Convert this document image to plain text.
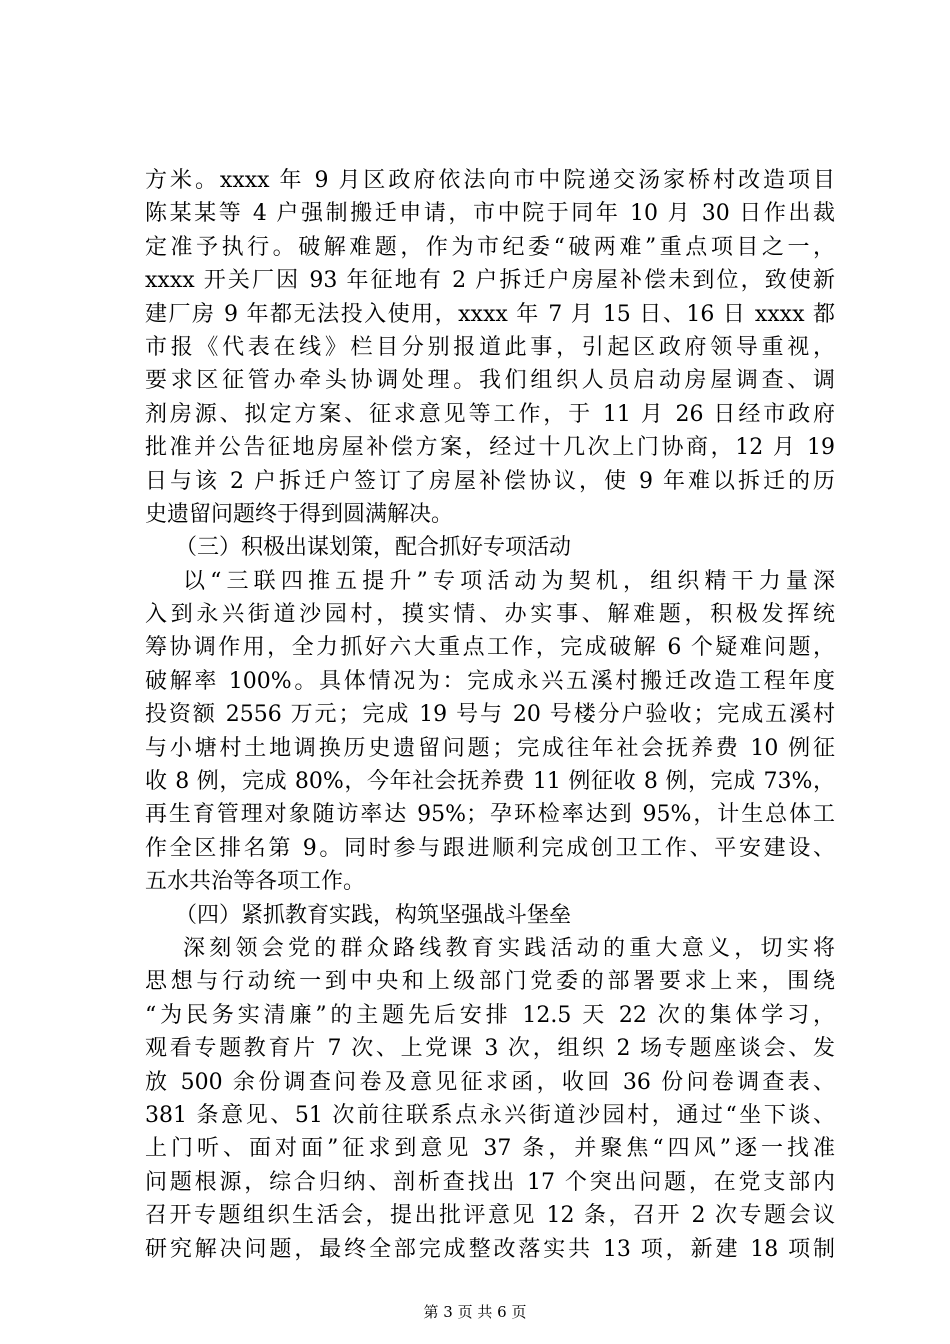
方米。xxxx 年 9 月区政府依法向市中院递交汤家桥村改造项目
陈某某等 4 户强制搬迁申请，市中院于同年 10 月 30 日作出裁
定准予执行。破解难题，作为市纪委“破两难”重点项目之一，
xxxx 开关厂因 93 年征地有 2 户拆迁户房屋补偿未到位，致使新
建厂房 9 年都无法投入使用，xxxx 年 7 月 15 日、16 日 xxxx 都
市报《代表在线》栏目分别报道此事，引起区政府领导重视，
要求区征管办牵头协调处理。我们组织人员启动房屋调查、调
剂房源、拟定方案、征求意见等工作，于 11 月 26 日经市政府
批准并公告征地房屋补偿方案，经过十几次上门协商，12 月 19
日与该 2 户拆迁户签订了房屋补偿协议，使 9 年难以拆迁的历
史遗留问题终于得到圆满解决。
（三）积极出谋划策，配合抓好专项活动
以“三联四推五提升”专项活动为契机，组织精干力量深
入到永兴街道沙园村，摸实情、办实事、解难题，积极发挥统
筹协调作用，全力抓好六大重点工作，完成破解 6 个疑难问题，
破解率 100%。具体情况为：完成永兴五溪村搬迁改造工程年度
投资额 2556 万元；完成 19 号与 20 号楼分户验收；完成五溪村
与小塘村土地调换历史遗留问题；完成往年社会抚养费 10 例征
收 8 例，完成 80%，今年社会抚养费 11 例征收 8 例，完成 73%，
再生育管理对象随访率达 95%；孕环检率达到 95%，计生总体工
作全区排名第 9。同时参与跟进顺利完成创卫工作、平安建设、
五水共治等各项工作。
（四）紧抓教育实践，构筑坚强战斗堡垒
深刻领会党的群众路线教育实践活动的重大意义，切实将
思想与行动统一到中央和上级部门党委的部署要求上来，围绕
“为民务实清廉”的主题先后安排 12.5 天 22 次的集体学习，
观看专题教育片 7 次、上党课 3 次，组织 2 场专题座谈会、发
放 500 余份调查问卷及意见征求函，收回 36 份问卷调查表、
381 条意见、51 次前往联系点永兴街道沙园村，通过“坐下谈、
上门听、面对面”征求到意见 37 条，并聚焦“四风”逐一找准
问题根源，综合归纳、剖析查找出 17 个突出问题，在党支部内
召开专题组织生活会，提出批评意见 12 条，召开 2 次专题会议
研究解决问题，最终全部完成整改落实共 13 项，新建 18 项制
第 3 页 共 6 页
